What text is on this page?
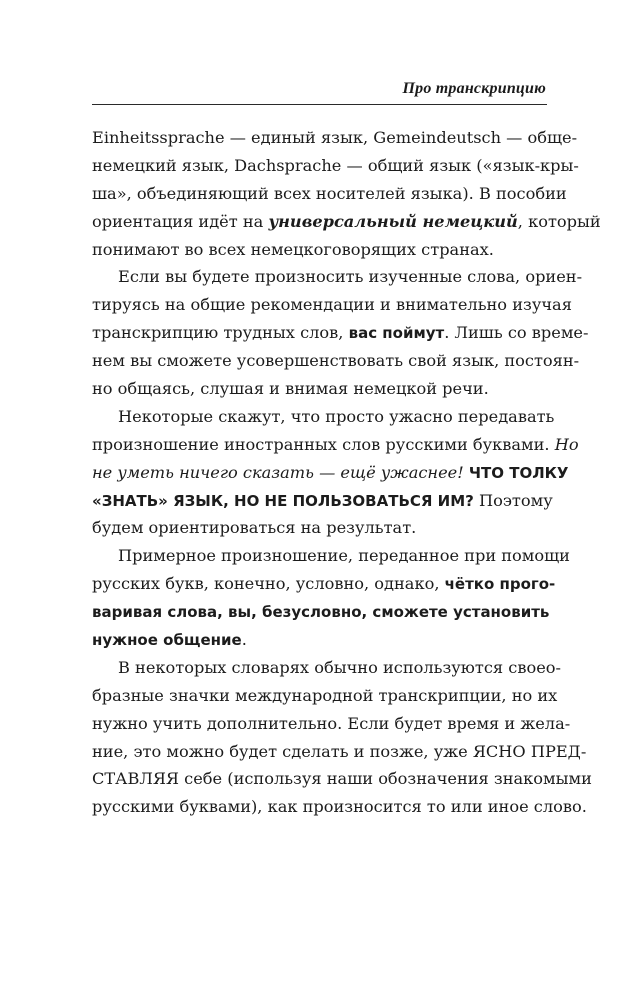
Про транскрипцию
Einheitssprache — единый язык, Gemeindeutsch — обще-
немецкий язык, Dachsprache — общий язык («язык-кры-
ша», объединяющий всех носителей языка). В пособии
ориентация идёт на универсальный немецкий, который
понимают во всех немецкоговорящих странах.
Если вы будете произносить изученные слова, ориен-
тируясь на общие рекомендации и внимательно изучая
транскрипцию трудных слов, вас поймут. Лишь со време-
нем вы сможете усовершенствовать свой язык, постоян-
но общаясь, слушая и внимая немецкой речи.
Некоторые скажут, что просто ужасно передавать
произношение иностранных слов русскими буквами. Но
не уметь ничего сказать — ещё ужаснее! ЧТО ТОЛКУ
«ЗНАТЬ» ЯЗЫК, НО НЕ ПОЛЬЗОВАТЬСЯ ИМ? Поэтому
будем ориентироваться на результат.
Примерное произношение, переданное при помощи
русских букв, конечно, условно, однако, чётко прого-
варивая слова, вы, безусловно, сможете установить
нужное общение.
В некоторых словарях обычно используются своео-
бразные значки международной транскрипции, но их
нужно учить дополнительно. Если будет время и жела-
ние, это можно будет сделать и позже, уже ЯСНО ПРЕД-
СТАВЛЯЯ себе (используя наши обозначения знакомыми
русскими буквами), как произносится то или иное слово.
